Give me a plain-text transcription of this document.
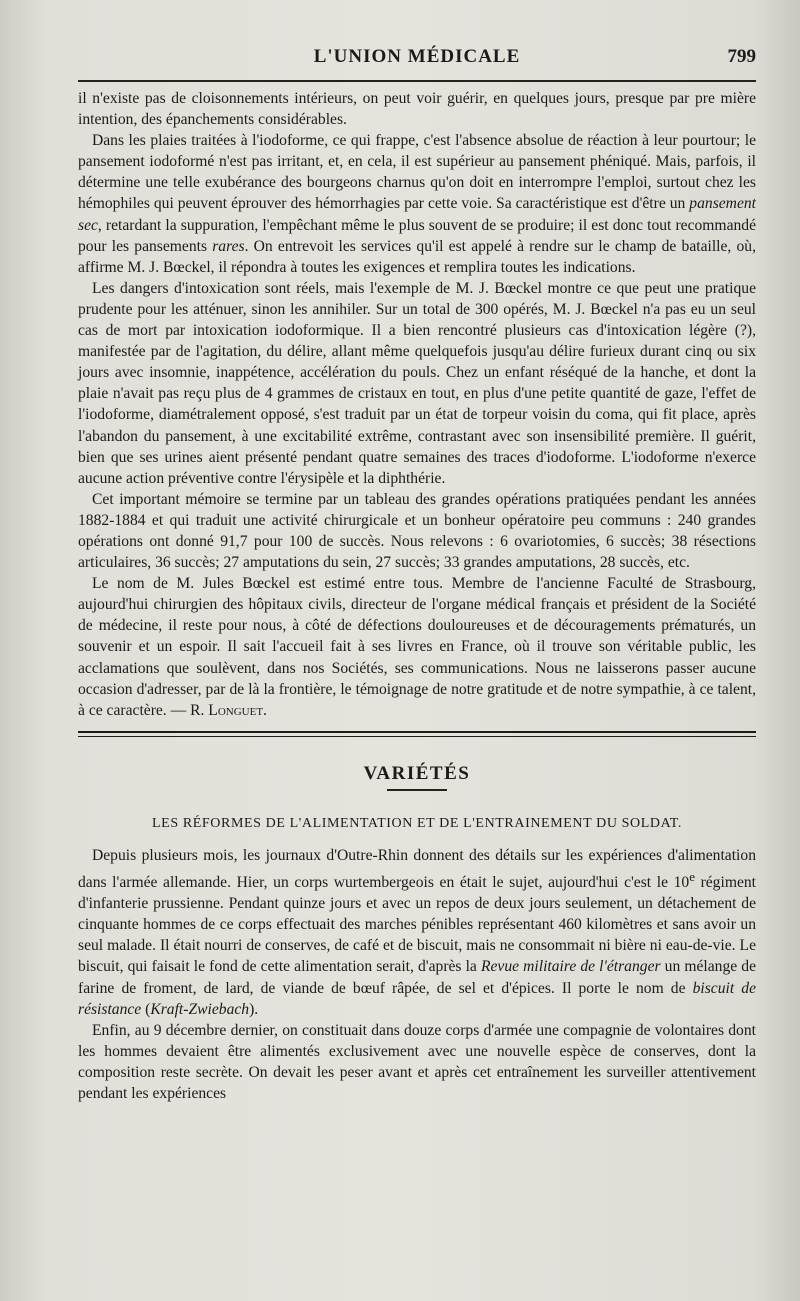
L'UNION MÉDICALE	799

il n'existe pas de cloisonnements intérieurs, on peut voir guérir, en quelques jours, presque par pre mière intention, des épanchements considérables.

Dans les plaies traitées à l'iodoforme, ce qui frappe, c'est l'absence absolue de réaction à leur pourtour; le pansement iodoformé n'est pas irritant, et, en cela, il est supérieur au pansement phéniqué. Mais, parfois, il détermine une telle exubérance des bourgeons charnus qu'on doit en interrompre l'emploi, surtout chez les hémophiles qui peuvent éprouver des hémorrhagies par cette voie. Sa caractéristique est d'être un pansement sec, retardant la suppuration, l'empêchant même le plus souvent de se produire; il est donc tout recommandé pour les pansements rares. On entrevoit les services qu'il est appelé à rendre sur le champ de bataille, où, affirme M. J. Bœckel, il répondra à toutes les exigences et remplira toutes les indications.

Les dangers d'intoxication sont réels, mais l'exemple de M. J. Bœckel montre ce que peut une pratique prudente pour les atténuer, sinon les annihiler. Sur un total de 300 opérés, M. J. Bœckel n'a pas eu un seul cas de mort par intoxication iodoformique. Il a bien rencontré plusieurs cas d'intoxication légère (?), manifestée par de l'agitation, du délire, allant même quelquefois jusqu'au délire furieux durant cinq ou six jours avec insomnie, inappétence, accélération du pouls. Chez un enfant réséqué de la hanche, et dont la plaie n'avait pas reçu plus de 4 grammes de cristaux en tout, en plus d'une petite quantité de gaze, l'effet de l'iodoforme, diamétralement opposé, s'est traduit par un état de torpeur voisin du coma, qui fit place, après l'abandon du pansement, à une excitabilité extrême, contrastant avec son insensibilité première. Il guérit, bien que ses urines aient présenté pendant quatre semaines des traces d'iodoforme. L'iodoforme n'exerce aucune action préventive contre l'érysipèle et la diphthérie.

Cet important mémoire se termine par un tableau des grandes opérations pratiquées pendant les années 1882-1884 et qui traduit une activité chirurgicale et un bonheur opératoire peu communs : 240 grandes opérations ont donné 91,7 pour 100 de succès. Nous relevons : 6 ovariotomies, 6 succès; 38 résections articulaires, 36 succès; 27 amputations du sein, 27 succès; 33 grandes amputations, 28 succès, etc.

Le nom de M. Jules Bœckel est estimé entre tous. Membre de l'ancienne Faculté de Strasbourg, aujourd'hui chirurgien des hôpitaux civils, directeur de l'organe médical français et président de la Société de médecine, il reste pour nous, à côté de défections douloureuses et de découragements prématurés, un souvenir et un espoir. Il sait l'accueil fait à ses livres en France, où il trouve son véritable public, les acclamations que soulèvent, dans nos Sociétés, ses communications. Nous ne laisserons passer aucune occasion d'adresser, par de là la frontière, le témoignage de notre gratitude et de notre sympathie, à ce talent, à ce caractère. — R. Longuet.

VARIÉTÉS
LES RÉFORMES DE L'ALIMENTATION ET DE L'ENTRAINEMENT DU SOLDAT.

Depuis plusieurs mois, les journaux d'Outre-Rhin donnent des détails sur les expériences d'alimentation dans l'armée allemande. Hier, un corps wurtembergeois en était le sujet, aujourd'hui c'est le 10e régiment d'infanterie prussienne. Pendant quinze jours et avec un repos de deux jours seulement, un détachement de cinquante hommes de ce corps effectuait des marches pénibles représentant 460 kilomètres et sans avoir un seul malade. Il était nourri de conserves, de café et de biscuit, mais ne consommait ni bière ni eau-de-vie. Le biscuit, qui faisait le fond de cette alimentation serait, d'après la Revue militaire de l'étranger un mélange de farine de froment, de lard, de viande de bœuf râpée, de sel et d'épices. Il porte le nom de biscuit de résistance (Kraft-Zwiebach).

Enfin, au 9 décembre dernier, on constituait dans douze corps d'armée une compagnie de volontaires dont les hommes devaient être alimentés exclusivement avec une nouvelle espèce de conserves, dont la composition reste secrète. On devait les peser avant et après cet entraînement les surveiller attentivement pendant les expériences
